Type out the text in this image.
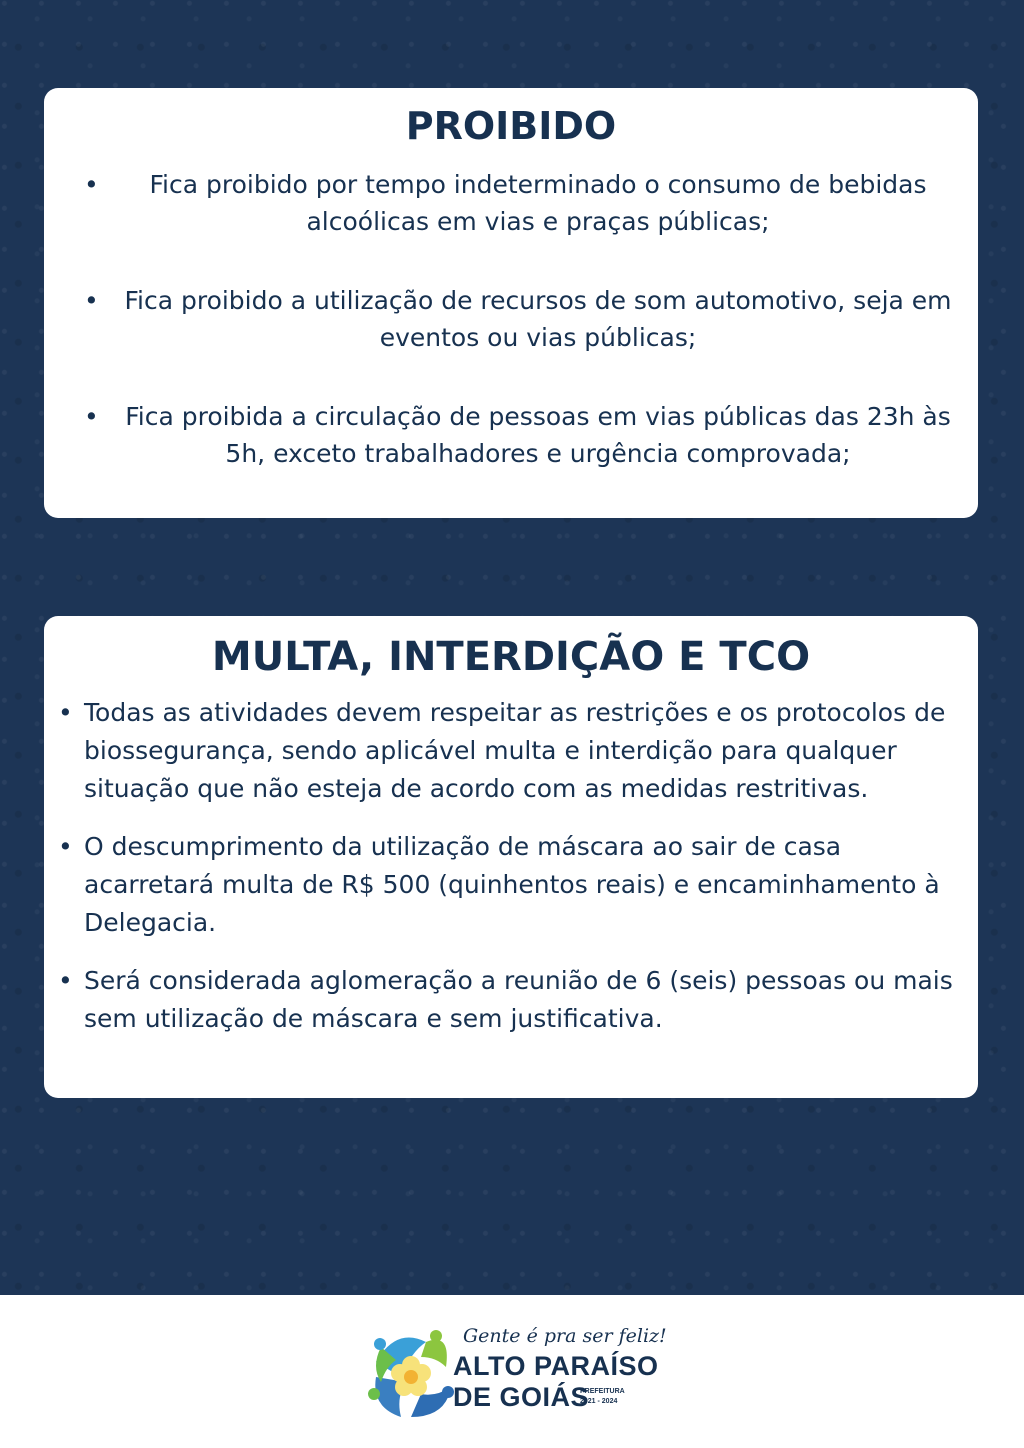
PROIBIDO
• Fica proibido por tempo indeterminado o consumo de bebidas alcoólicas em vias e praças públicas;
• Fica proibido a utilização de recursos de som automotivo, seja em eventos ou vias públicas;
• Fica proibida a circulação de pessoas em vias públicas das 23h às 5h, exceto trabalhadores e urgência comprovada;
MULTA, INTERDIÇÃO E TCO
• Todas as atividades devem respeitar as restrições e os protocolos de biossegurança, sendo aplicável multa e interdição para qualquer situação que não esteja de acordo com as medidas restritivas.
• O descumprimento da utilização de máscara ao sair de casa acarretará multa de R$ 500 (quinhentos reais) e encaminhamento à Delegacia.
• Será considerada aglomeração a reunião de 6 (seis) pessoas ou mais sem utilização de máscara e sem justificativa.
Gente é pra ser feliz!
ALTO PARAÍSO
DE GOIÁS
PREFEITURA
2021 - 2024
